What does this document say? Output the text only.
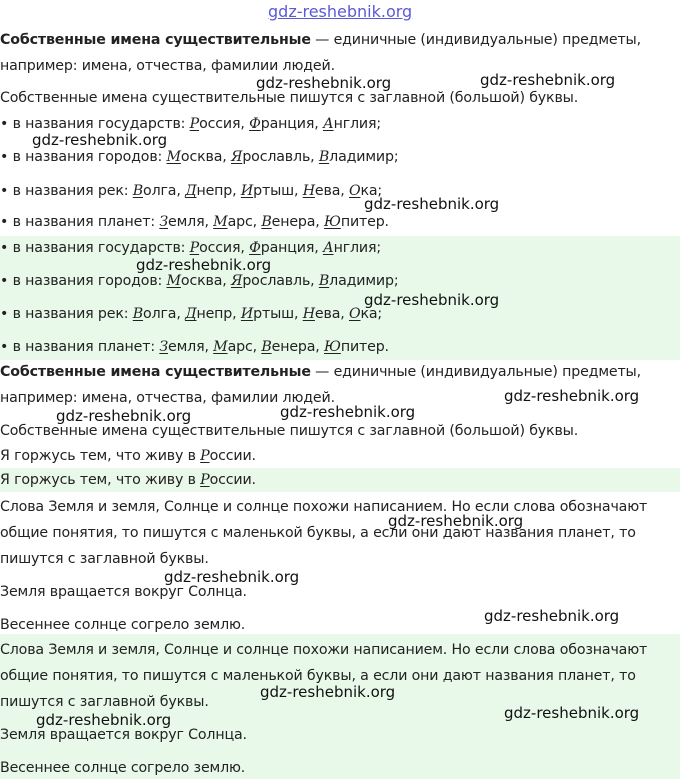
Собственные имена существительные — единичные (индивидуальные) предметы,
например: имена, отчества, фамилии людей.
Собственные имена существительные пишутся с заглавной (большой) буквы.
• в названия государств: Россия, Франция, Англия;
• в названия городов: Москва, Ярославль, Владимир;
• в названия рек: Волга, Днепр, Иртыш, Нева, Ока;
• в названия планет: Земля, Марс, Венера, Юпитер.
• в названия государств: Россия, Франция, Англия;
• в названия городов: Москва, Ярославль, Владимир;
• в названия рек: Волга, Днепр, Иртыш, Нева, Ока;
• в названия планет: Земля, Марс, Венера, Юпитер.
Собственные имена существительные — единичные (индивидуальные) предметы,
например: имена, отчества, фамилии людей.
Собственные имена существительные пишутся с заглавной (большой) буквы.
Я горжусь тем, что живу в России.
Я горжусь тем, что живу в России.
Слова Земля и земля, Солнце и солнце похожи написанием. Но если слова обозначают
общие понятия, то пишутся с маленькой буквы, а если они дают названия планет, то
пишутся с заглавной буквы.
Земля вращается вокруг Солнца.
Весеннее солнце согрело землю.
Слова Земля и земля, Солнце и солнце похожи написанием. Но если слова обозначают
общие понятия, то пишутся с маленькой буквы, а если они дают названия планет, то
пишутся с заглавной буквы.
Земля вращается вокруг Солнца.
Весеннее солнце согрело землю.
gdz-reshebnik.org
gdz-reshebnik.org	gdz-reshebnik.org
gdz-reshebnik.org
gdz-reshebnik.org
gdz-reshebnik.org
gdz-reshebnik.org
gdz-reshebnik.org
gdz-reshebnik.org	gdz-reshebnik.org
gdz-reshebnik.org
gdz-reshebnik.org
gdz-reshebnik.org
gdz-reshebnik.org
gdz-reshebnik.org
gdz-reshebnik.org
